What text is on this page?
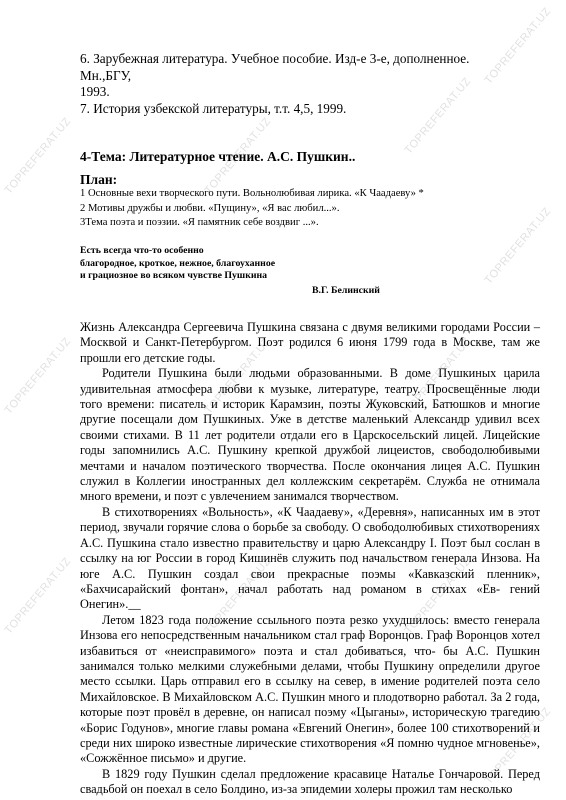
TOPREFERAT.UZ
TOPREFERAT.UZ	TOPREFERAT.UZ	TOPREFERAT.UZ
TOPREFERAT.UZ
TOPREFERAT.UZ	TOPREFERAT.UZ	TOPREFERAT.UZ
TOPREFERAT.UZ	TOPREFERAT.UZ	TOPREFERAT.UZ
TOPREFERAT.UZ
6. Зарубежная литература. Учебное пособие. Изд-е 3-е, дополненное.
Мн.,БГУ,
1993.
7. История узбекской литературы, т.т. 4,5, 1999.
4-Тема: Литературное чтение. А.С. Пушкин..
План:
1 Основные вехи творческого пути. Вольнолюбивая лирика. «К Чаадаеву» *
2 Мотивы дружбы и любви. «Пущину», «Я вас любил...».
3Тема поэта и поэзии. «Я памятник себе воздвиг ...».
Есть всегда что-то особенно
благородное, кроткое, нежное, благоуханное
и грациозное во всяком чувстве Пушкина
В.Г. Белинский

Жизнь Александра Сергеевича Пушкина связана с двумя великими городами России – Москвой и Санкт-Петербургом. Поэт родился 6 июня 1799 года в Москве, там же прошли его детские годы.

Родители Пушкина были людьми образованными. В доме Пушкиных царила удивительная атмосфера любви к музыке, литературе, театру. Просвещённые люди того времени: писатель и историк Карамзин, поэты Жуковский, Батюшков и многие другие посещали дом Пушкиных. Уже в детстве маленький Александр удивил всех своими стихами. В 11 лет родители отдали его в Царскосельский лицей. Лицейские годы запомнились А.С. Пушкину крепкой дружбой лицеистов, свободолюбивыми мечтами и началом поэтического творчества. После окончания лицея А.С. Пушкин служил в Коллегии иностранных дел коллежским секретарём. Служба не отнимала много времени, и поэт с увлечением занимался творчеством.

В стихотворениях «Вольность», «К Чаадаеву», «Деревня», написанных им в этот период, звучали горячие слова о борьбе за свободу. О свободолюбивых стихотворениях А.С. Пушкина стало известно правительству и царю Александру I. Поэт был сослан в ссылку на юг России в город Кишинёв служить под начальством генерала Инзова. На юге А.С. Пушкин создал свои прекрасные поэмы «Кавказский пленник», «Бахчисарайский фонтан», начал работать над романом в стихах «Ев- гений Онегин».__

Летом 1823 года положение ссыльного поэта резко ухудшилось: вместо генерала Инзова его непосредственным начальником стал граф Воронцов. Граф Воронцов хотел избавиться от «неисправимого» поэта и стал добиваться, что- бы А.С. Пушкин занимался только мелкими служебными делами, чтобы Пушкину определили другое место ссылки. Царь отправил его в ссылку на север, в имение родителей поэта село Михайловское. В Михайловском А.С. Пушкин много и плодотворно работал. За 2 года, которые поэт провёл в деревне, он написал поэму «Цыганы», историческую трагедию «Борис Годунов», многие главы романа «Евгений Онегин», более 100 стихотворений и среди них широко известные лирические стихотворения «Я помню чудное мгновенье», «Сожжённое письмо» и другие.

В 1829 году Пушкин сделал предложение красавице Наталье Гончаровой. Перед свадьбой он поехал в село Болдино, из-за эпидемии холеры прожил там несколько
